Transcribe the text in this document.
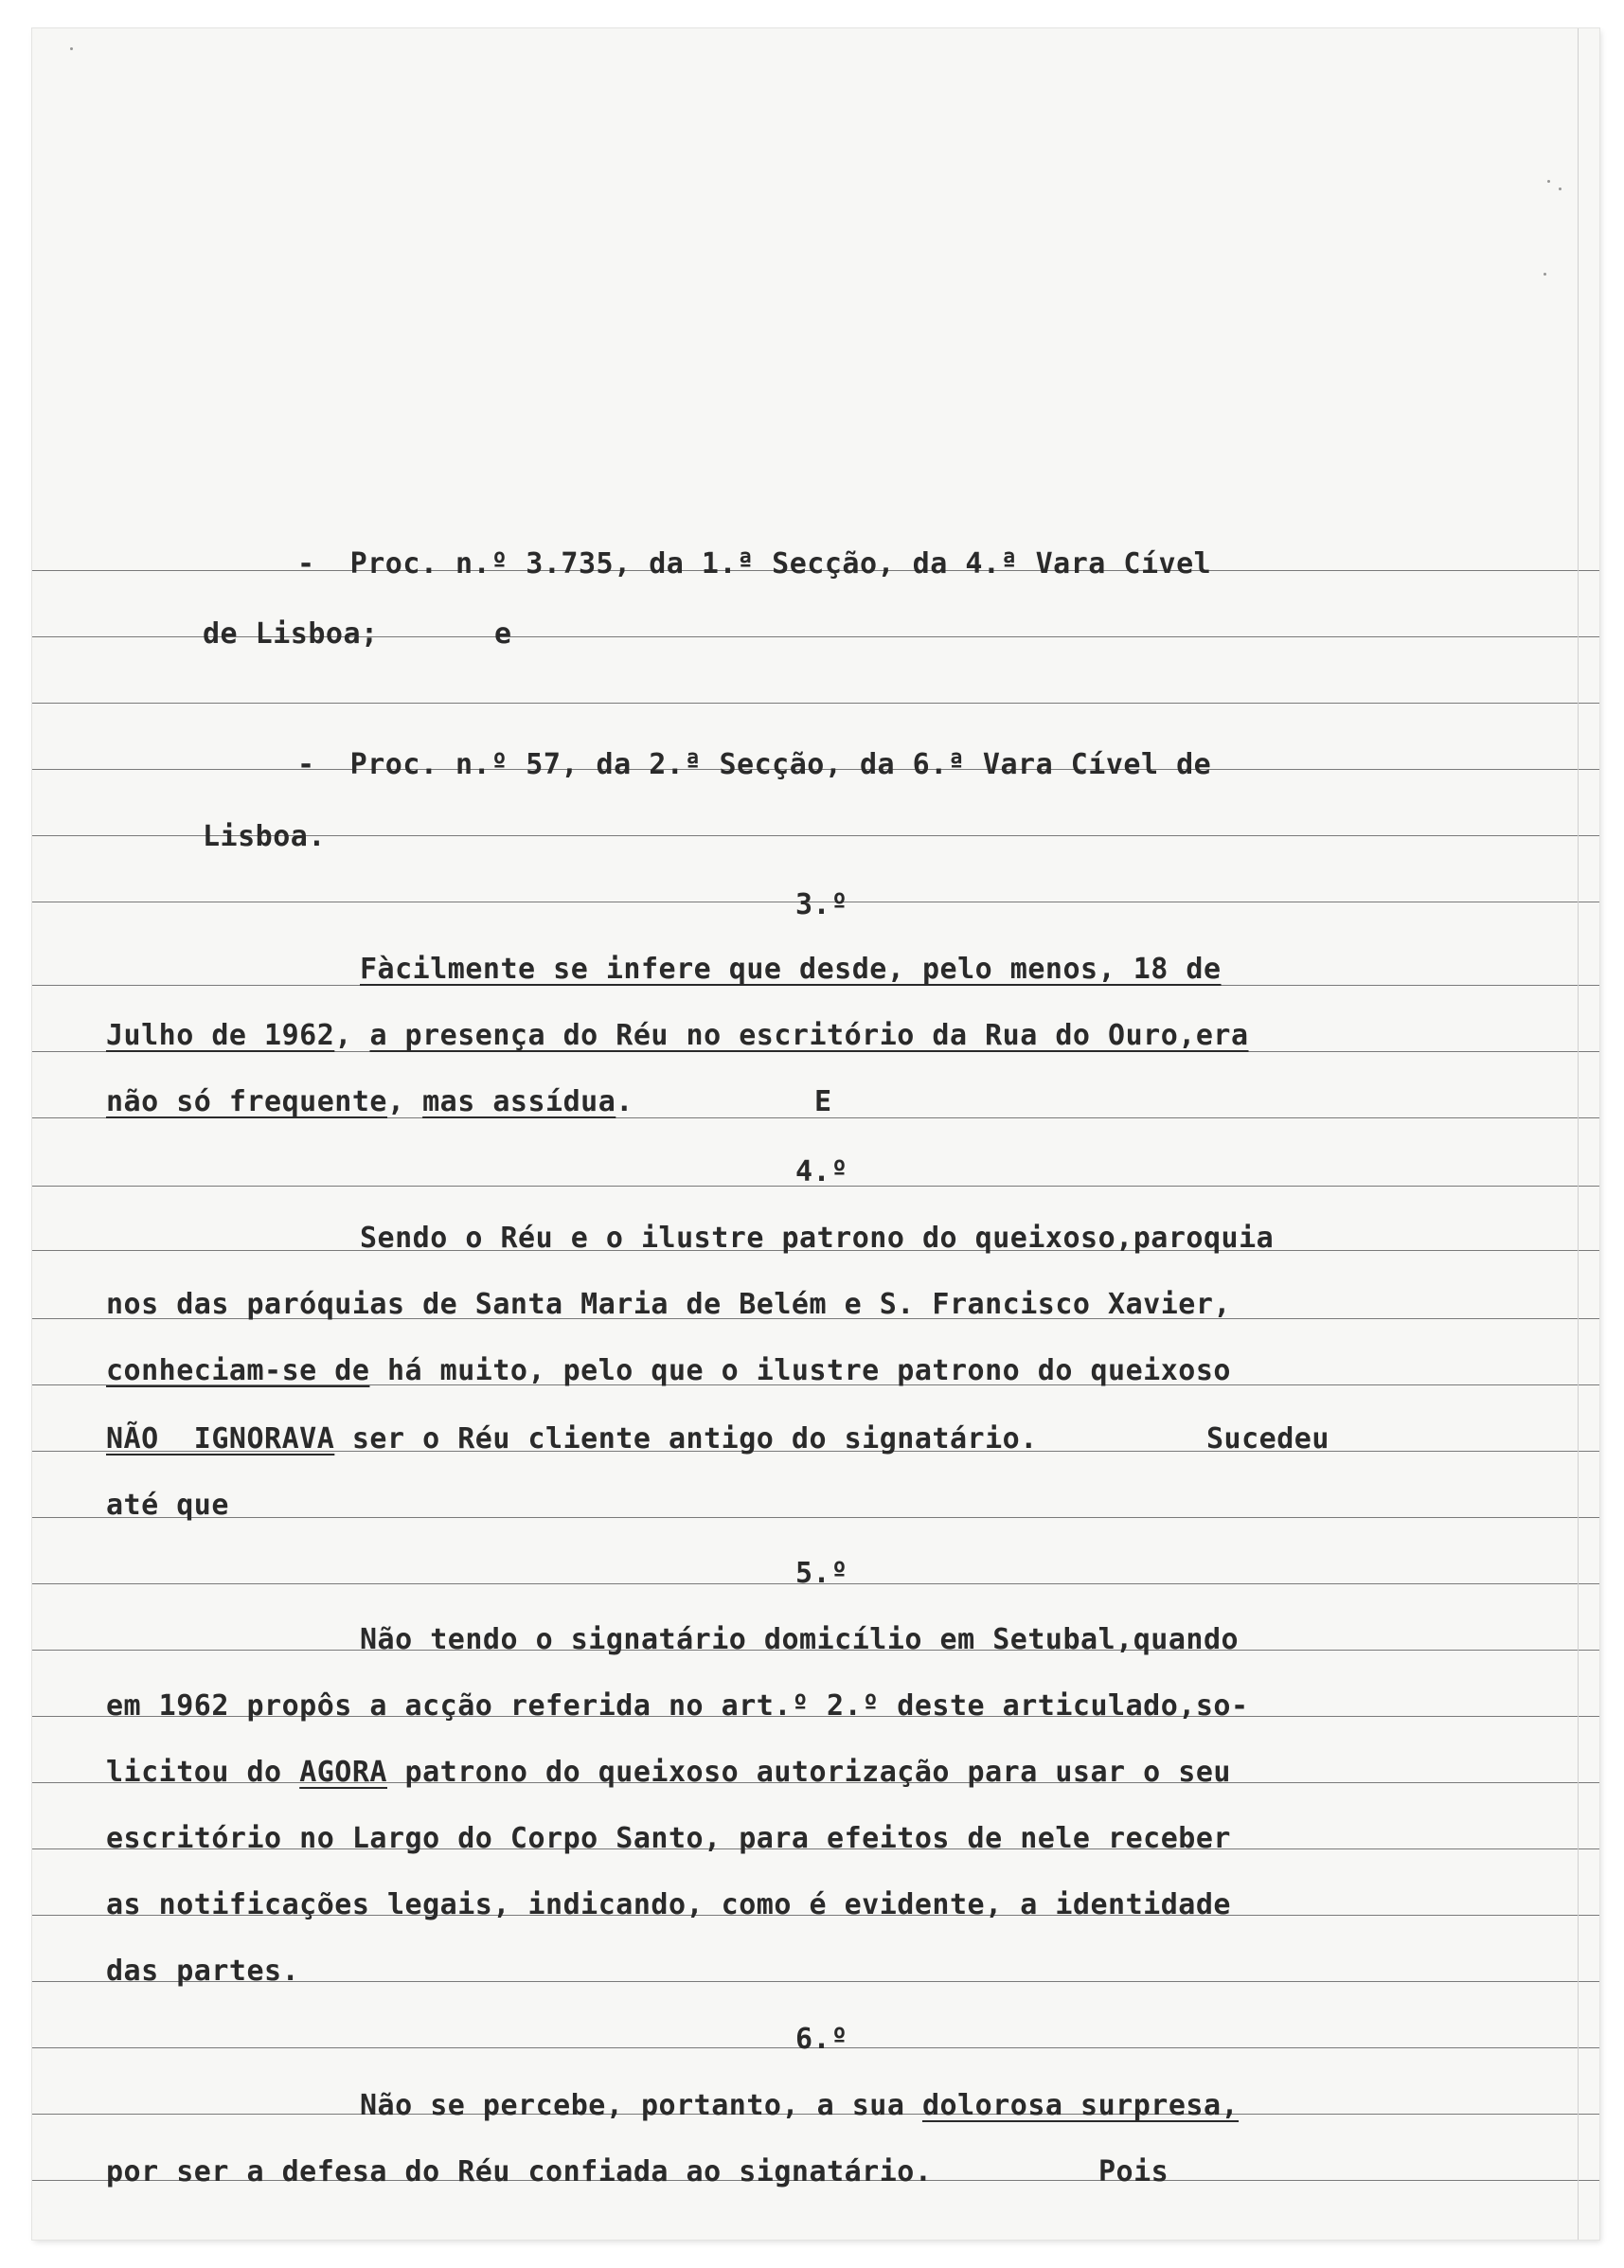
-  Proc. n.º 3.735, da 1.ª Secção, da 4.ª Vara Cível
de Lisboa;	e
-  Proc. n.º 57, da 2.ª Secção, da 6.ª Vara Cível de
Lisboa.
3.º
Fàcilmente se infere que desde, pelo menos, 18 de
Julho de 1962, a presença do Réu no escritório da Rua do Ouro,era
não só frequente, mas assídua.	E
4.º
Sendo o Réu e o ilustre patrono do queixoso,paroquia
nos das paróquias de Santa Maria de Belém e S. Francisco Xavier,
conheciam-se de há muito, pelo que o ilustre patrono do queixoso
NÃO  IGNORAVA ser o Réu cliente antigo do signatário.	Sucedeu
até que
5.º
Não tendo o signatário domicílio em Setubal,quando
em 1962 propôs a acção referida no art.º 2.º deste articulado,so-
licitou do AGORA patrono do queixoso autorização para usar o seu
escritório no Largo do Corpo Santo, para efeitos de nele receber
as notificações legais, indicando, como é evidente, a identidade
das partes.
6.º
Não se percebe, portanto, a sua dolorosa surpresa,
por ser a defesa do Réu confiada ao signatário.	Pois
